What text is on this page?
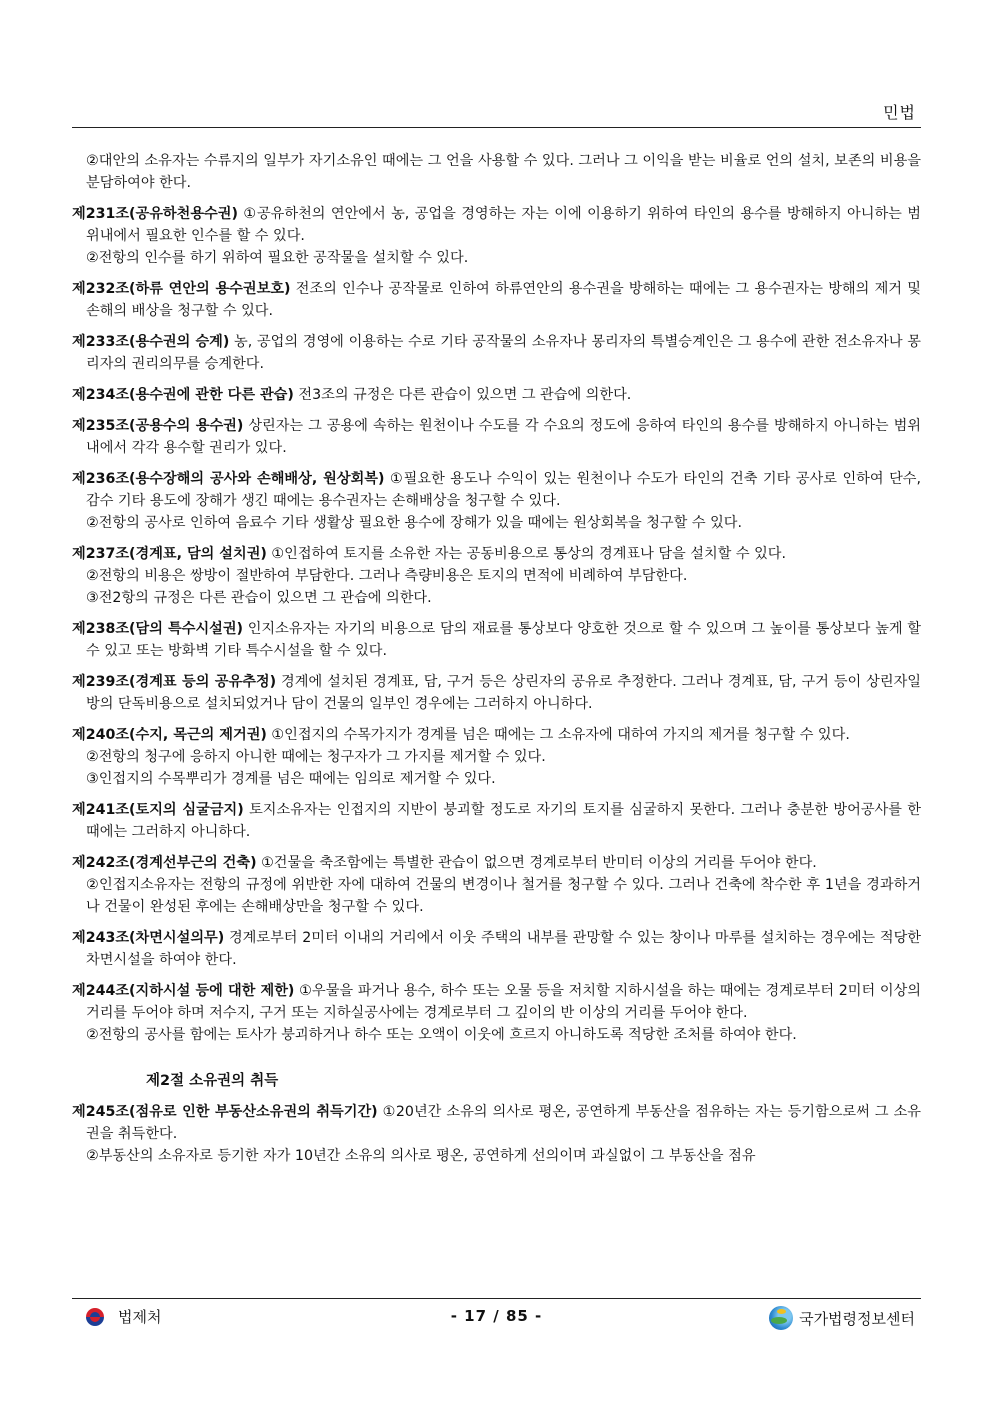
민법
②대안의 소유자는 수류지의 일부가 자기소유인 때에는 그 언을 사용할 수 있다. 그러나 그 이익을 받는 비율로 언의 설치, 보존의 비용을 분담하여야 한다.
제231조(공유하천용수권) ①공유하천의 연안에서 농, 공업을 경영하는 자는 이에 이용하기 위하여 타인의 용수를 방해하지 아니하는 범위내에서 필요한 인수를 할 수 있다.
②전항의 인수를 하기 위하여 필요한 공작물을 설치할 수 있다.
제232조(하류 연안의 용수권보호) 전조의 인수나 공작물로 인하여 하류연안의 용수권을 방해하는 때에는 그 용수권자는 방해의 제거 및 손해의 배상을 청구할 수 있다.
제233조(용수권의 승계) 농, 공업의 경영에 이용하는 수로 기타 공작물의 소유자나 몽리자의 특별승계인은 그 용수에 관한 전소유자나 몽리자의 권리의무를 승계한다.
제234조(용수권에 관한 다른 관습) 전3조의 규정은 다른 관습이 있으면 그 관습에 의한다.
제235조(공용수의 용수권) 상린자는 그 공용에 속하는 원천이나 수도를 각 수요의 정도에 응하여 타인의 용수를 방해하지 아니하는 범위내에서 각각 용수할 권리가 있다.
제236조(용수장해의 공사와 손해배상, 원상회복) ①필요한 용도나 수익이 있는 원천이나 수도가 타인의 건축 기타 공사로 인하여 단수, 감수 기타 용도에 장해가 생긴 때에는 용수권자는 손해배상을 청구할 수 있다.
②전항의 공사로 인하여 음료수 기타 생활상 필요한 용수에 장해가 있을 때에는 원상회복을 청구할 수 있다.
제237조(경계표, 담의 설치권) ①인접하여 토지를 소유한 자는 공동비용으로 통상의 경계표나 담을 설치할 수 있다.
②전항의 비용은 쌍방이 절반하여 부담한다. 그러나 측량비용은 토지의 면적에 비례하여 부담한다.
③전2항의 규정은 다른 관습이 있으면 그 관습에 의한다.
제238조(담의 특수시설권) 인지소유자는 자기의 비용으로 담의 재료를 통상보다 양호한 것으로 할 수 있으며 그 높이를 통상보다 높게 할 수 있고 또는 방화벽 기타 특수시설을 할 수 있다.
제239조(경계표 등의 공유추정) 경계에 설치된 경계표, 담, 구거 등은 상린자의 공유로 추정한다. 그러나 경계표, 담, 구거 등이 상린자일방의 단독비용으로 설치되었거나 담이 건물의 일부인 경우에는 그러하지 아니하다.
제240조(수지, 목근의 제거권) ①인접지의 수목가지가 경계를 넘은 때에는 그 소유자에 대하여 가지의 제거를 청구할 수 있다.
②전항의 청구에 응하지 아니한 때에는 청구자가 그 가지를 제거할 수 있다.
③인접지의 수목뿌리가 경계를 넘은 때에는 임의로 제거할 수 있다.
제241조(토지의 심굴금지) 토지소유자는 인접지의 지반이 붕괴할 정도로 자기의 토지를 심굴하지 못한다. 그러나 충분한 방어공사를 한 때에는 그러하지 아니하다.
제242조(경계선부근의 건축) ①건물을 축조함에는 특별한 관습이 없으면 경계로부터 반미터 이상의 거리를 두어야 한다.
②인접지소유자는 전항의 규정에 위반한 자에 대하여 건물의 변경이나 철거를 청구할 수 있다. 그러나 건축에 착수한 후 1년을 경과하거나 건물이 완성된 후에는 손해배상만을 청구할 수 있다.
제243조(차면시설의무) 경계로부터 2미터 이내의 거리에서 이웃 주택의 내부를 관망할 수 있는 창이나 마루를 설치하는 경우에는 적당한 차면시설을 하여야 한다.
제244조(지하시설 등에 대한 제한) ①우물을 파거나 용수, 하수 또는 오물 등을 저치할 지하시설을 하는 때에는 경계로부터 2미터 이상의 거리를 두어야 하며 저수지, 구거 또는 지하실공사에는 경계로부터 그 깊이의 반 이상의 거리를 두어야 한다.
②전항의 공사를 함에는 토사가 붕괴하거나 하수 또는 오액이 이웃에 흐르지 아니하도록 적당한 조처를 하여야 한다.
제2절 소유권의 취득
제245조(점유로 인한 부동산소유권의 취득기간) ①20년간 소유의 의사로 평온, 공연하게 부동산을 점유하는 자는 등기함으로써 그 소유권을 취득한다.
②부동산의 소유자로 등기한 자가 10년간 소유의 의사로 평온, 공연하게 선의이며 과실없이 그 부동산을 점유
법제처	- 17 / 85 -	국가법령정보센터
